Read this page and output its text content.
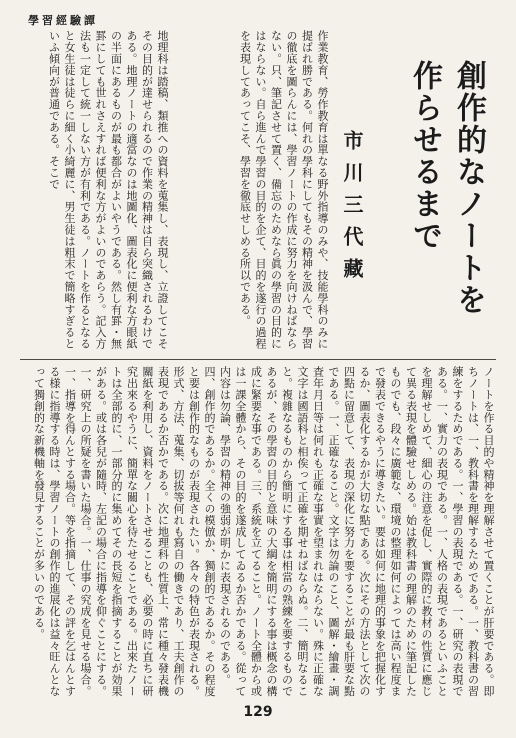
學習經驗譚
創作的なノートを作らせるまで
市川三代藏
作業教育、勞作教育は單なる野外指導のみや、技能學科のみに提ばれ勝である。何れの學科にしてもその精神を汲んで、學習の徹底を圖らんには、學習ノートの作成に努力を向けねばならない。只、筆記させて置く、備忘のためなら眞の學習の目的にはならない。自ら進んで學習の目的を企て、目的を遂行の過程を表現してあってこそ、學習を徹底せしめる所以である。
地理科は踏稿、類推への資料を蒐集し、表現し、立證してこそその目的が達せられるので作業の精神は自ら突織されるわけである。地理ノートの適當なのは地圖化、圖表化に便利な方眼紙の半面にあるものが最も都合がよいやうである。然し有罫・無罫にしても世れさえすれば便利な方がよいのであらう。記入方法も一定して統一しない方が有利である。ノートを作るとなると女生徒は徒らに細く小綺麗に、男生徒は粗末で簡略すぎるといふ傾向が普通である。そこで
ノートを作る目的や精神を理解させて置くことが肝要である。即ちノートは、一、教科書を理解するためである。一、教科書の習練をするためである。一、學習の表現である。一、研究の表現である。一、實力の表現である。一、人格の表現であるといふことを理解せしめて、細心の注意を促し、實際的に教材の性質に應じて異る表現を體驗せしめる。始は教科書の理解のために筆記したものでも、段々に廣範な、環境の整理如何によっては高い程度まで發表できるやうに導きたい。要は如何に地理的事象を把握化するか、圖表化するかが大切な點である。次にその方法として次の四點に留意して、表現の深化に努力を要することが最も肝要な點である。一、正確なること。文字は勿論のこと、圖解・繪畫・調査年月日等は何れも正確な事實を望まれはならない。殊に正確な文字は國語科と相俟って正確を期せねばならぬ。二、簡明なること。複雜なるものから簡明にする事は相當の熟練を要するものであるが、その學習の目的と意味の大綱を簡明にする事は概念の構成に緊要な事である。三、系統を立てること。ノート全體から或は一課全體から、その目的を遂成してゐるか否かである。從って内容は勿論、學習の精神の強弱が明かに表現されるのである。四、創作的であるか。全くの模倣か、獨創的であるか。その程度と要は創作的なものが表現されたい。各々の特色が表現される。形式、方法、蒐集、切拔等何れも寫自の働きであり、工夫創作の表現であるか否かである。次に地理科の性質上、常に種々發表機關紙を利用し、資料をノートさせることも、必要の時に直ちに研究出來るやうに、簡單な關心を待たせることである。出來たノートは全部的に、一部分的に集めてその長短を指摘することが効果がある。或は各兒が隨時、左記の場合に指導を仰ぐことにする。一、研究上の所疑を書いた場合。一、仕事の究成を見せる場合。一、指導を得んとする場合。等を指摘して、その評を乞はんとする様に指導する時は、學習ノートの創作的進展化は益々旺んとなって獨創的な新機軸を發見することが多いのである。
129
